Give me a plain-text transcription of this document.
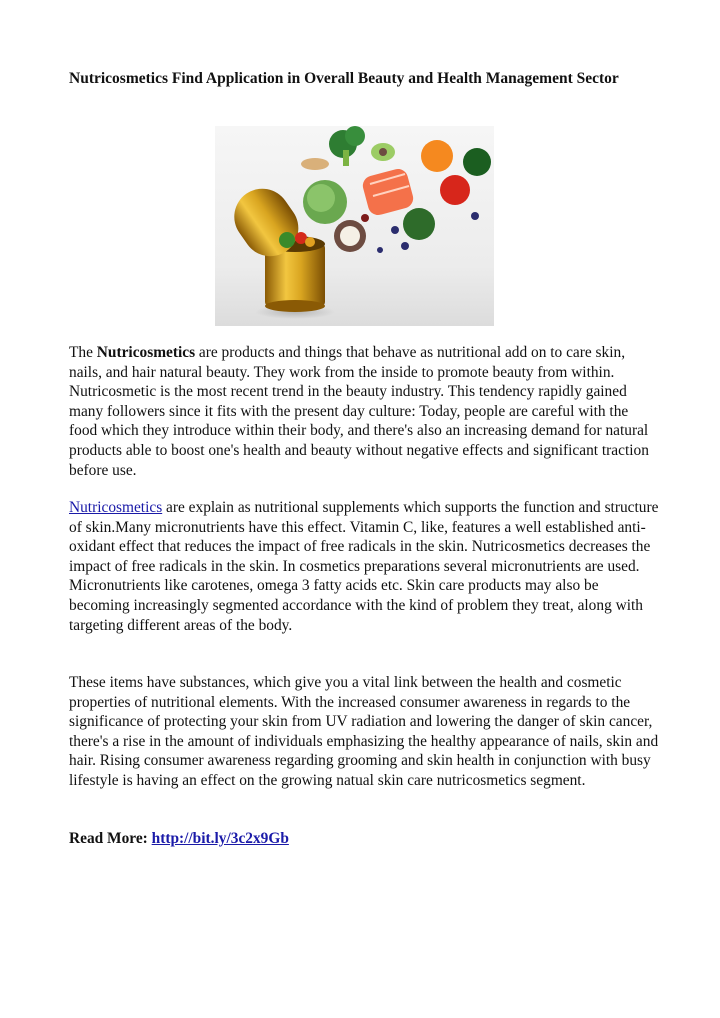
Nutricosmetics Find Application in Overall Beauty and Health Management Sector

The Nutricosmetics are products and things that behave as nutritional add on to care skin, nails, and hair natural beauty. They work from the inside to promote beauty from within. Nutricosmetic is the most recent trend in the beauty industry. This tendency rapidly gained many followers since it fits with the present day culture: Today, people are careful with the food which they introduce within their body, and there's also an increasing demand for natural products able to boost one's health and beauty without negative effects and significant traction before use.

Nutricosmetics are explain as nutritional supplements which supports the function and structure of skin.Many micronutrients have this effect. Vitamin C, like, features a well established anti-oxidant effect that reduces the impact of free radicals in the skin. Nutricosmetics decreases the impact of free radicals in the skin. In cosmetics preparations several micronutrients are used. Micronutrients like carotenes, omega 3 fatty acids etc. Skin care products may also be becoming increasingly segmented accordance with the kind of problem they treat, along with targeting different areas of the body.

These items have substances, which give you a vital link between the health and cosmetic properties of nutritional elements. With the increased consumer awareness in regards to the significance of protecting your skin from UV radiation and lowering the danger of skin cancer, there's a rise in the amount of individuals emphasizing the healthy appearance of nails, skin and hair. Rising consumer awareness regarding grooming and skin health in conjunction with busy lifestyle is having an effect on the growing natual skin care nutricosmetics segment.

Read More: http://bit.ly/3c2x9Gb
